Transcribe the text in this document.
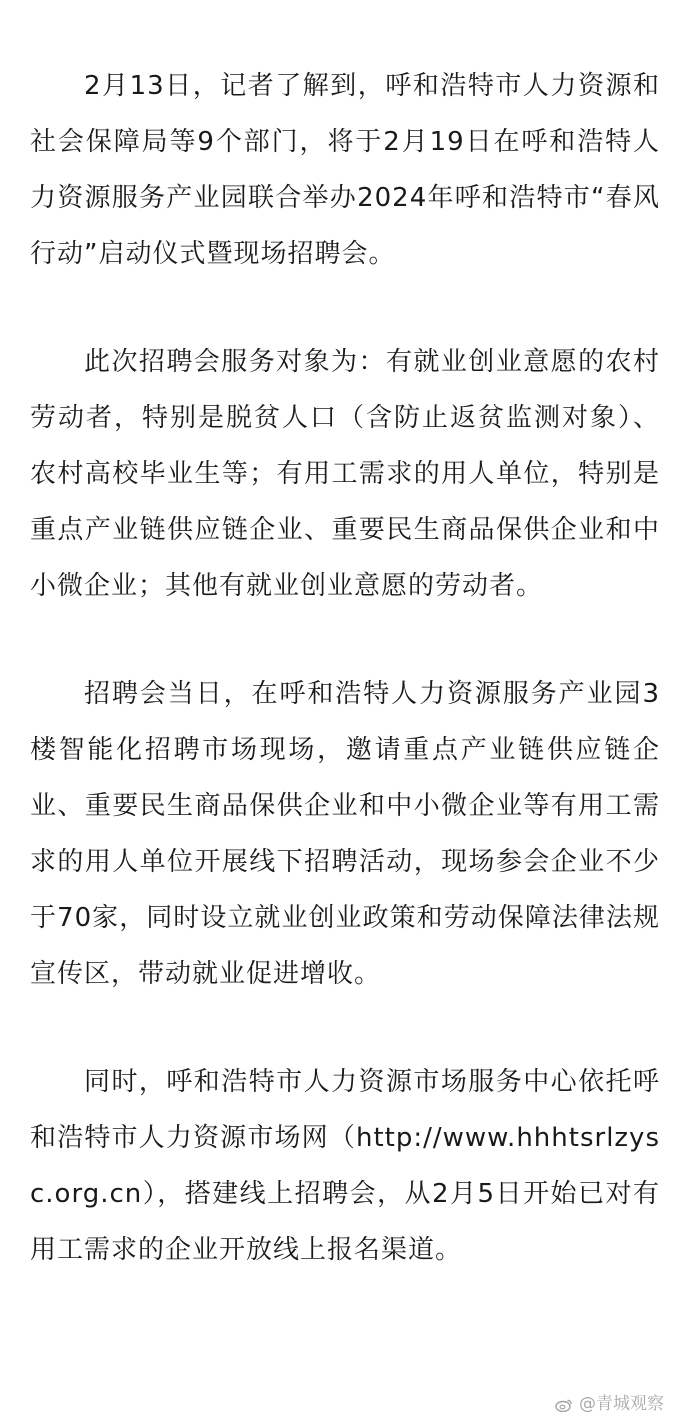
2月13日，记者了解到，呼和浩特市人力资源和社会保障局等9个部门，将于2月19日在呼和浩特人力资源服务产业园联合举办2024年呼和浩特市“春风行动”启动仪式暨现场招聘会。

此次招聘会服务对象为：有就业创业意愿的农村劳动者，特别是脱贫人口（含防止返贫监测对象）、农村高校毕业生等；有用工需求的用人单位，特别是重点产业链供应链企业、重要民生商品保供企业和中小微企业；其他有就业创业意愿的劳动者。

招聘会当日，在呼和浩特人力资源服务产业园3楼智能化招聘市场现场，邀请重点产业链供应链企业、重要民生商品保供企业和中小微企业等有用工需求的用人单位开展线下招聘活动，现场参会企业不少于70家，同时设立就业创业政策和劳动保障法律法规宣传区，带动就业促进增收。

同时，呼和浩特市人力资源市场服务中心依托呼和浩特市人力资源市场网（http://www.hhhtsrlzysc.org.cn），搭建线上招聘会，从2月5日开始已对有用工需求的企业开放线上报名渠道。

@青城观察
